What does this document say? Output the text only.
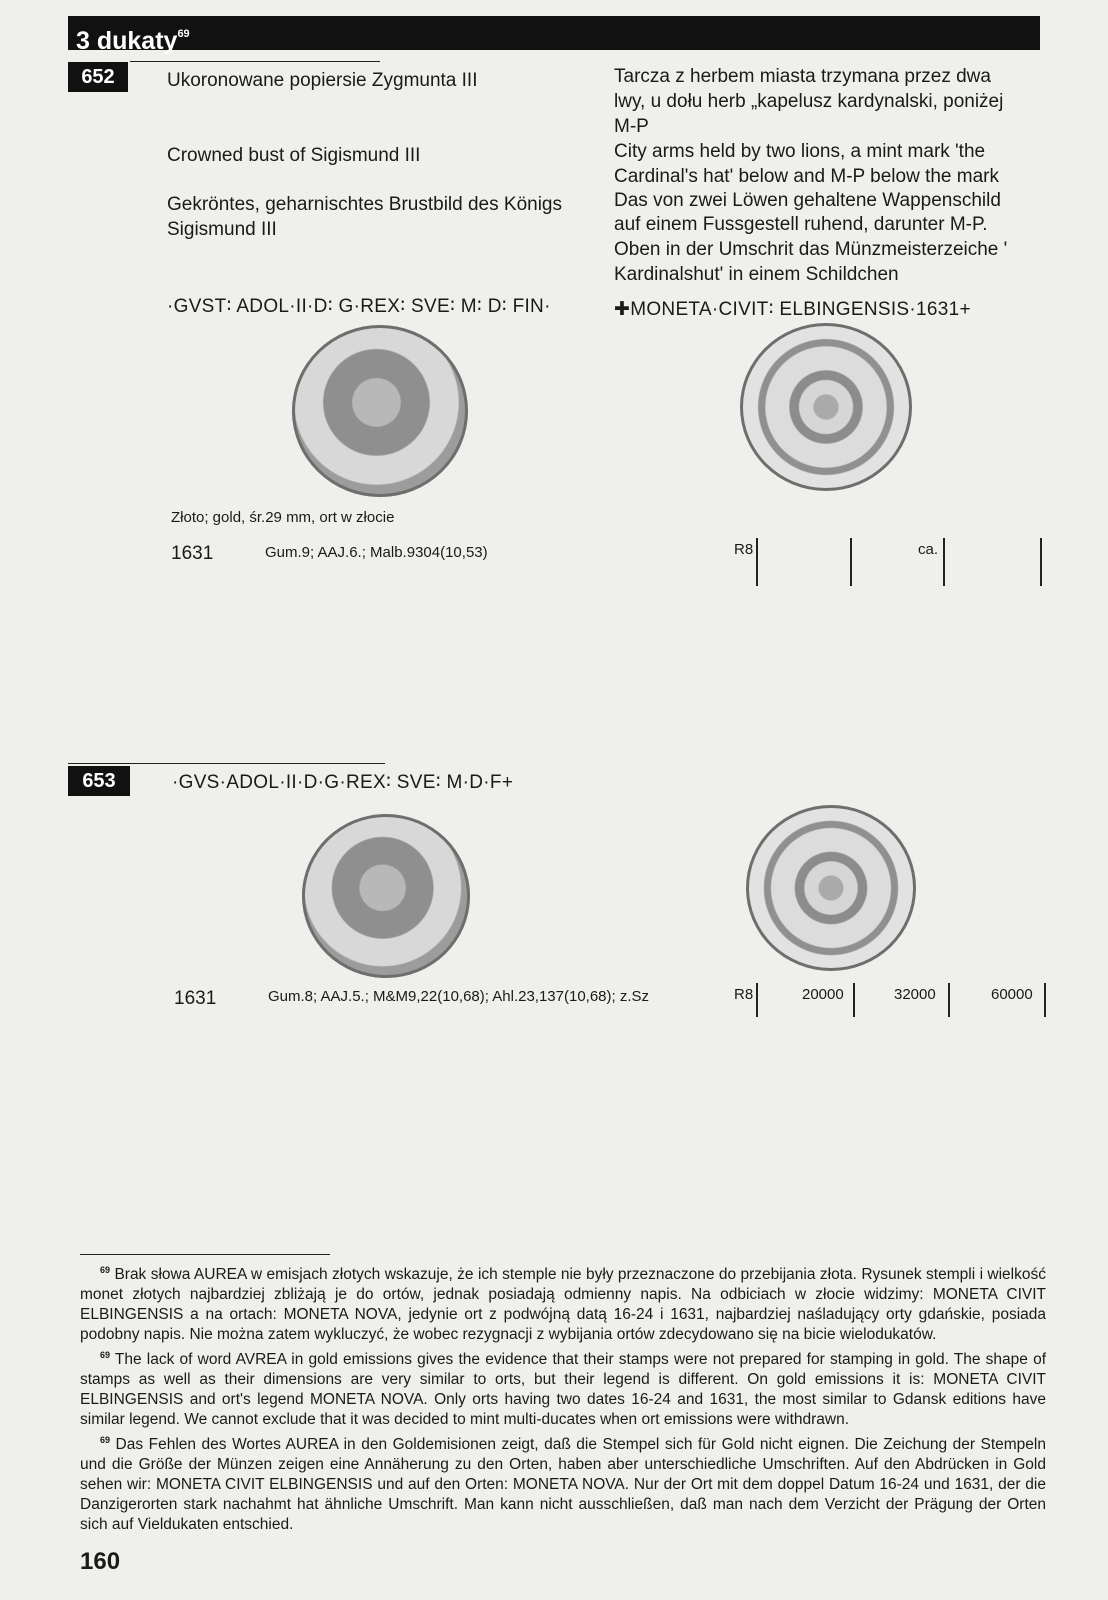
3 dukaty$^{69}$
652	Ukoronowane popiersie Zygmunta III
Crowned bust of Sigismund III
Gekröntes, geharnischtes Brustbild des Königs
Sigismund III
·GVST∶ ADOL·II·D∶ G·REX∶ SVE∶ M∶ D∶ FIN·
Tarcza z herbem miasta trzymana przez dwa
lwy, u dołu herb „kapelusz kardynalski, poniżej
M-P
City arms held by two lions, a mint mark 'the
Cardinal's hat' below and M-P below the mark
Das von zwei Löwen gehaltene Wappenschild
auf einem Fussgestell ruhend, darunter M-P.
Oben in der Umschrit das Münzmeisterzeiche '
Kardinalshut' in einem Schildchen
✚MONETA·CIVIT∶ ELBINGENSIS·1631+
Złoto; gold, śr.29 mm, ort w złocie
1631	Gum.9; AAJ.6.; Malb.9304(10,53)	R8	ca.
653	·GVS·ADOL·II·D·G·REX∶ SVE∶ M·D·F+
1631	Gum.8; AAJ.5.; M&M9,22(10,68); Ahl.23,137(10,68); z.Sz	R8	20000	32000	60000

$^{69}$ Brak słowa AUREA w emisjach złotych wskazuje, że ich stemple nie były przeznaczone do przebijania złota. Rysunek stempli i wielkość monet złotych najbardziej zbliżają je do ortów, jednak posiadają odmienny napis. Na odbiciach w złocie widzimy: MONETA CIVIT ELBINGENSIS a na ortach: MONETA NOVA, jedynie ort z podwójną datą 16-24 i 1631, najbardziej naśladujący orty gdańskie, posiada podobny napis. Nie można zatem wykluczyć, że wobec rezygnacji z wybijania ortów zdecydowano się na bicie wielodukatów.

$^{69}$ The lack of word AVREA in gold emissions gives the evidence that their stamps were not prepared for stamping in gold. The shape of stamps as well as their dimensions are very similar to orts, but their legend is different. On gold emissions it is: MONETA CIVIT ELBINGENSIS and ort's legend MONETA NOVA. Only orts having two dates 16-24 and 1631, the most similar to Gdansk editions have similar legend. We cannot exclude that it was decided to mint multi-ducates when ort emissions were withdrawn.

$^{69}$ Das Fehlen des Wortes AUREA in den Goldemisionen zeigt, daß die Stempel sich für Gold nicht eignen. Die Zeichung der Stempeln und die Größe der Münzen zeigen eine Annäherung zu den Orten, haben aber unterschiedliche Umschriften. Auf den Abdrücken in Gold sehen wir: MONETA CIVIT ELBINGENSIS und auf den Orten: MONETA NOVA. Nur der Ort mit dem doppel Datum 16-24 und 1631, der die Danzigerorten stark nachahmt hat ähnliche Umschrift. Man kann nicht ausschließen, daß man nach dem Verzicht der Prägung der Orten sich auf Vieldukaten entschied.

160
